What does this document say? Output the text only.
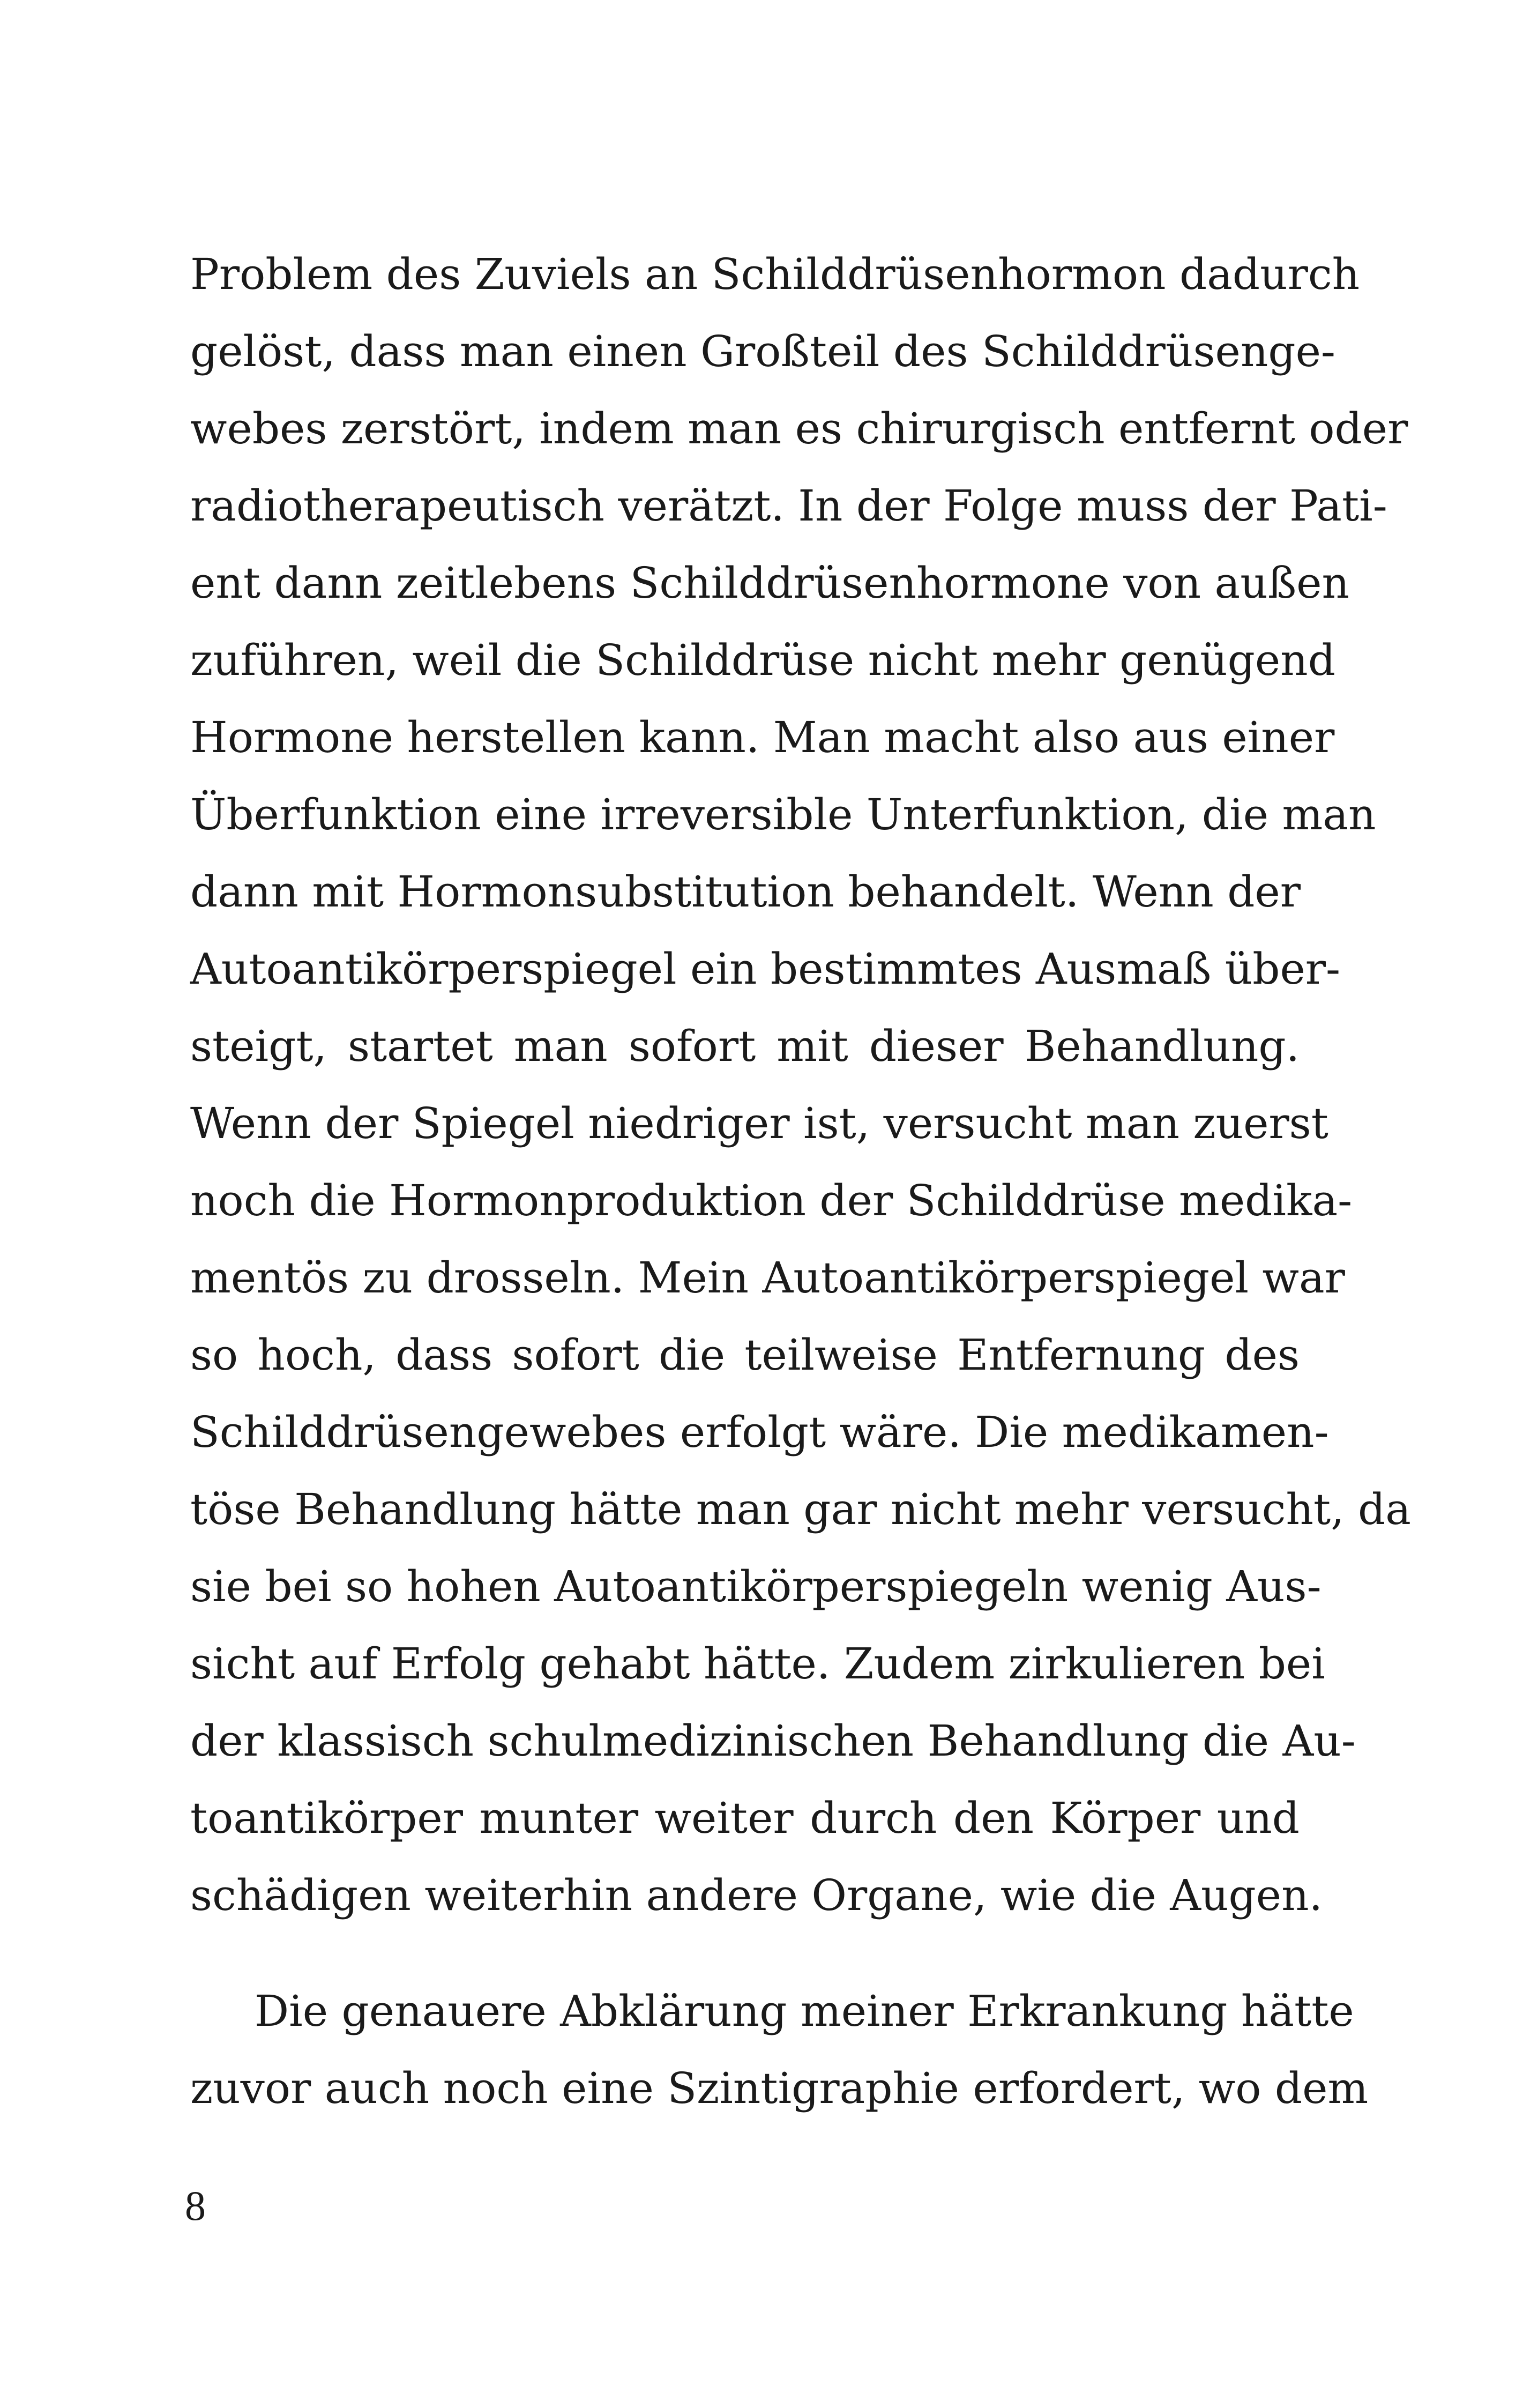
Problem des Zuviels an Schilddrüsenhormon dadurch
gelöst, dass man einen Großteil des Schilddrüsenge-
webes zerstört, indem man es chirurgisch entfernt oder
radiotherapeutisch verätzt. In der Folge muss der Pati-
ent dann zeitlebens Schilddrüsenhormone von außen
zuführen, weil die Schilddrüse nicht mehr genügend
Hormone herstellen kann. Man macht also aus einer
Überfunktion eine irreversible Unterfunktion, die man
dann mit Hormonsubstitution behandelt. Wenn der
Autoantikörperspiegel ein bestimmtes Ausmaß über-
steigt, startet man sofort mit dieser Behandlung.
Wenn der Spiegel niedriger ist, versucht man zuerst
noch die Hormonproduktion der Schilddrüse medika-
mentös zu drosseln. Mein Autoantikörperspiegel war
so hoch, dass sofort die teilweise Entfernung des
Schilddrüsengewebes erfolgt wäre. Die medikamen-
töse Behandlung hätte man gar nicht mehr versucht, da
sie bei so hohen Autoantikörperspiegeln wenig Aus-
sicht auf Erfolg gehabt hätte. Zudem zirkulieren bei
der klassisch schulmedizinischen Behandlung die Au-
toantikörper munter weiter durch den Körper und
schädigen weiterhin andere Organe, wie die Augen.
Die genauere Abklärung meiner Erkrankung hätte
zuvor auch noch eine Szintigraphie erfordert, wo dem
8
